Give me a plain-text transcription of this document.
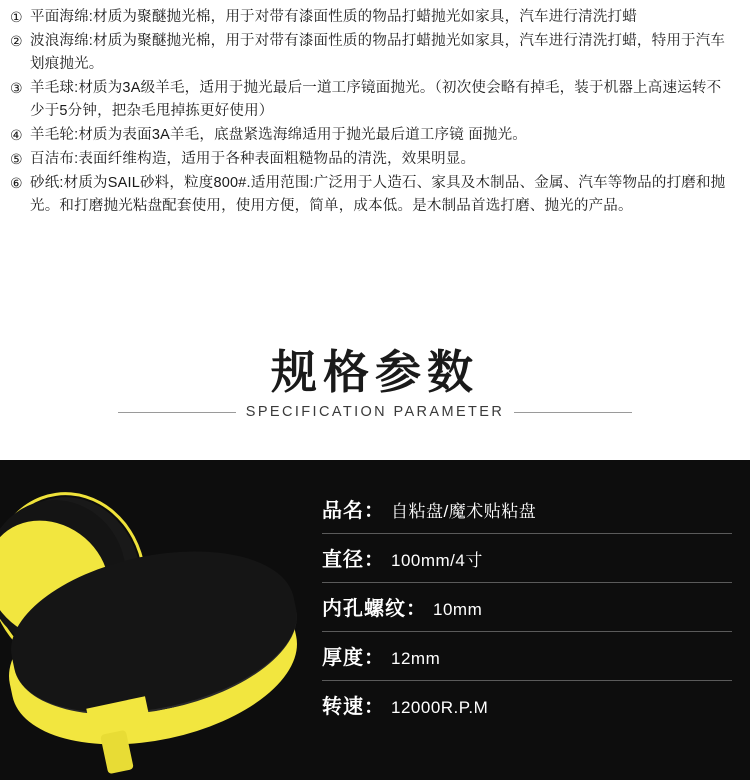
① 平面海绵:材质为聚醚抛光棉，用于对带有漆面性质的物品打蜡抛光如家具，汽车进行清洗打蜡
② 波浪海绵:材质为聚醚抛光棉，用于对带有漆面性质的物品打蜡抛光如家具，汽车进行清洗打蜡，特用于汽车划痕抛光。
③ 羊毛球:材质为3A级羊毛，适用于抛光最后一道工序镜面抛光。（初次使会略有掉毛，装于机器上高速运转不少于5分钟，把杂毛甩掉拣更好使用）
④ 羊毛轮:材质为表面3A羊毛，底盘紧选海绵适用于抛光最后道工序镜 面抛光。
⑤ 百洁布:表面纤维构造，适用于各种表面粗糙物品的清洗，效果明显。
⑥ 砂纸:材质为SAIL砂料，粒度800#.适用范围:广泛用于人造石、家具及木制品、金属、汽车等物品的打磨和抛光。和打磨抛光粘盘配套使用，使用方便，简单，成本低。是木制品首选打磨、抛光的产品。
规格参数
SPECIFICATION PARAMETER
品名： 自粘盘/魔术贴粘盘
直径： 100mm/4寸
内孔螺纹： 10mm
厚度： 12mm
转速： 12000R.P.M
